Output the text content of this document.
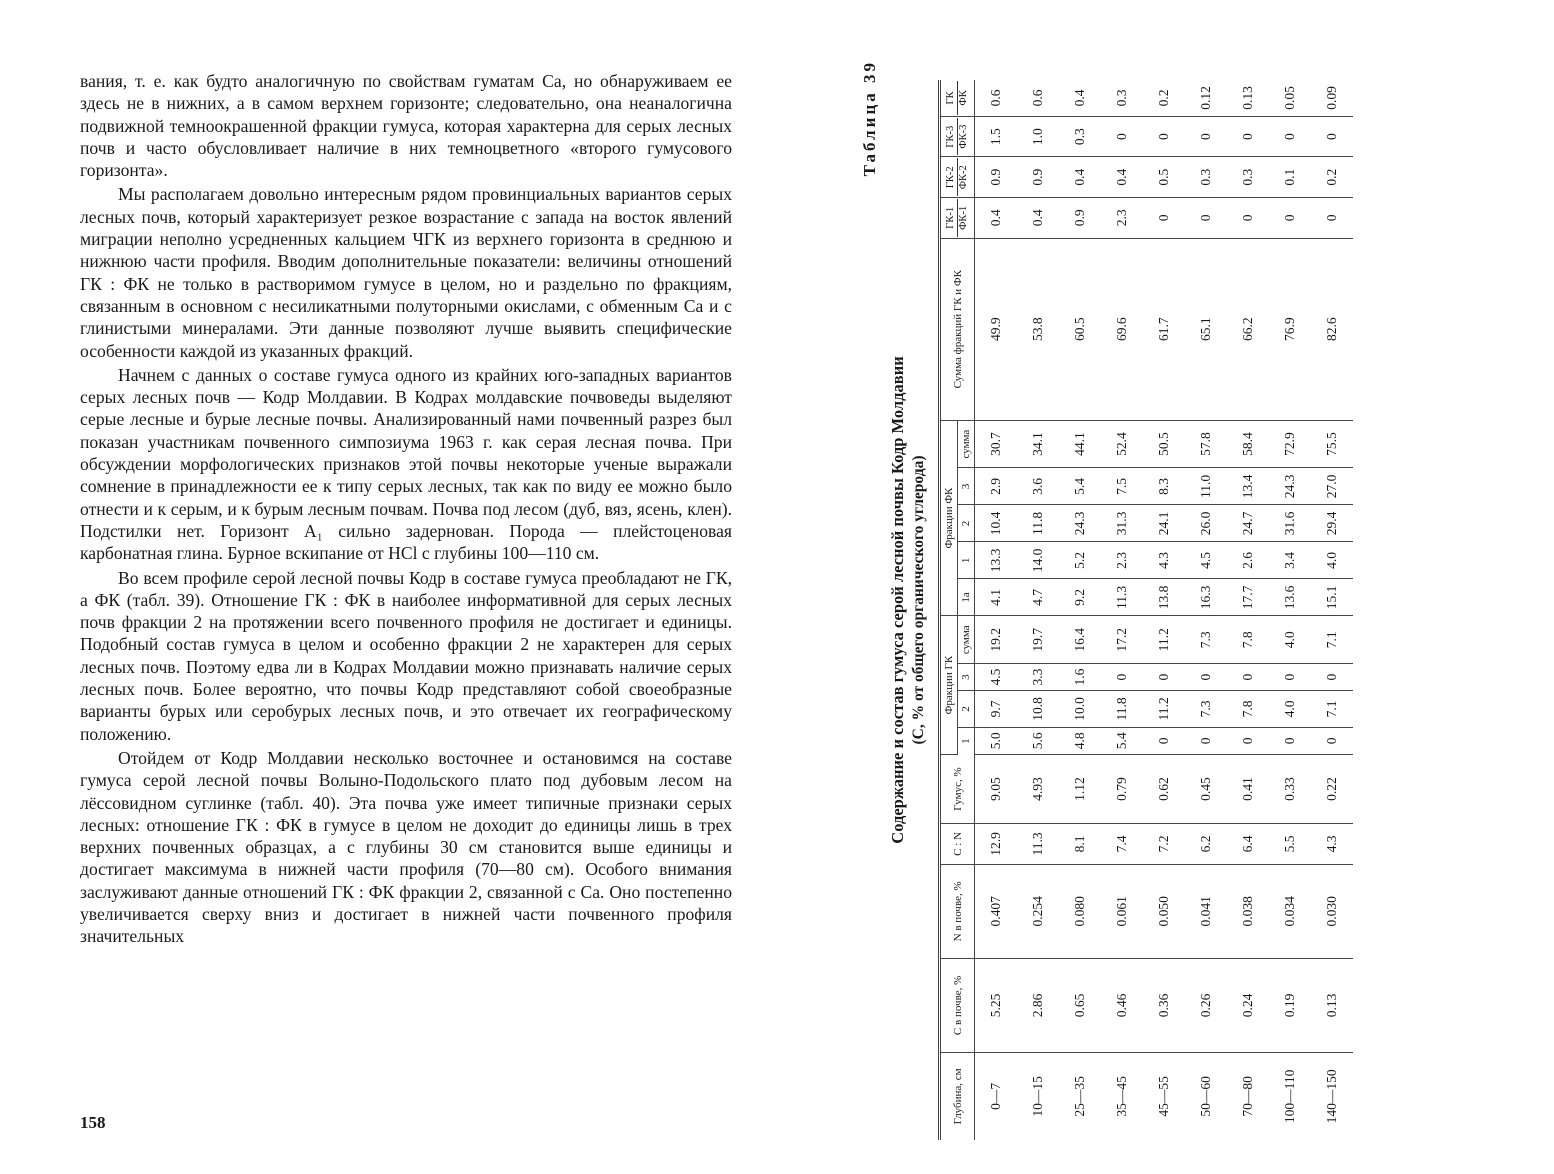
вания, т. е. как будто аналогичную по свойствам гуматам Са, но обнаруживаем ее здесь не в нижних, а в самом верхнем горизонте; следовательно, она неаналогична подвижной темноокрашенной фракции гумуса, которая характерна для серых лесных почв и часто обусловливает наличие в них темноцветного «второго гумусового горизонта».

Мы располагаем довольно интересным рядом провинциальных вариантов серых лесных почв, который характеризует резкое возрастание с запада на восток явлений миграции неполно усредненных кальцием ЧГК из верхнего горизонта в среднюю и нижнюю части профиля. Вводим дополнительные показатели: величины отношений ГК : ФК не только в растворимом гумусе в целом, но и раздельно по фракциям, связанным в основном с несиликатными полуторными окислами, с обменным Са и с глинистыми минералами. Эти данные позволяют лучше выявить специфические особенности каждой из указанных фракций.

Начнем с данных о составе гумуса одного из крайних юго-западных вариантов серых лесных почв — Кодр Молдавии. В Кодрах молдавские почвоведы выделяют серые лесные и бурые лесные почвы. Анализированный нами почвенный разрез был показан участникам почвенного симпозиума 1963 г. как серая лесная почва. При обсуждении морфологических признаков этой почвы некоторые ученые выражали сомнение в принадлежности ее к типу серых лесных, так как по виду ее можно было отнести и к серым, и к бурым лесным почвам. Почва под лесом (дуб, вяз, ясень, клен). Подстилки нет. Горизонт A₁ сильно задернован. Порода — плейстоценовая карбонатная глина. Бурное вскипание от HCl с глубины 100—110 см.

Во всем профиле серой лесной почвы Кодр в составе гумуса преобладают не ГК, а ФК (табл. 39). Отношение ГК : ФК в наиболее информативной для серых лесных почв фракции 2 на протяжении всего почвенного профиля не достигает и единицы. Подобный состав гумуса в целом и особенно фракции 2 не характерен для серых лесных почв. Поэтому едва ли в Кодрах Молдавии можно признавать наличие серых лесных почв. Более вероятно, что почвы Кодр представляют собой своеобразные варианты бурых или серобурых лесных почв, и это отвечает их географическому положению.

Отойдем от Кодр Молдавии несколько восточнее и остановимся на составе гумуса серой лесной почвы Волыно-Подольского плато под дубовым лесом на лёссовидном суглинке (табл. 40). Эта почва уже имеет типичные признаки серых лесных: отношение ГК : ФК в гумусе в целом не доходит до единицы лишь в трех верхних почвенных образцах, а с глубины 30 см становится выше единицы и достигает максимума в нижней части профиля (70—80 см). Особого внимания заслуживают данные отношений ГК : ФК фракции 2, связанной с Са. Оно постепенно увеличивается сверху вниз и достигает в нижней части почвенного профиля значительных

158

Таблица 39

Содержание и состав гумуса серой лесной почвы Кодр Молдавии (С, % от общего органического углерода)

Глубина, см	С в почве, %	N в почве, %	C : N	Гумус, %	Фракции ГК				Фракции ФК					Сумма фракций ГК и ФК	ГК-1 ФК-1	ГК-2 ФК-2	ГК-3 ФК-3	ГК ФК
					1	2	3	сумма	1а	1	2	3	сумма					
0—7	5.25	0.407	12.9	9.05	5.0	9.7	4.5	19.2	4.1	13.3	10.4	2.9	30.7	49.9	0.4	0.9	1.5	0.6
10—15	2.86	0.254	11.3	4.93	5.6	10.8	3.3	19.7	4.7	14.0	11.8	3.6	34.1	53.8	0.4	0.9	1.0	0.6
25—35	0.65	0.080	8.1	1.12	4.8	10.0	1.6	16.4	9.2	5.2	24.3	5.4	44.1	60.5	0.9	0.4	0.3	0.4
35—45	0.46	0.061	7.4	0.79	5.4	11.8	0	17.2	11.3	2.3	31.3	7.5	52.4	69.6	2.3	0.4	0	0.3
45—55	0.36	0.050	7.2	0.62	0	11.2	0	11.2	13.8	4.3	24.1	8.3	50.5	61.7	0	0.5	0	0.2
50—60	0.26	0.041	6.2	0.45	0	7.3	0	7.3	16.3	4.5	26.0	11.0	57.8	65.1	0	0.3	0	0.12
70—80	0.24	0.038	6.4	0.41	0	7.8	0	7.8	17.7	2.6	24.7	13.4	58.4	66.2	0	0.3	0	0.13
100—110	0.19	0.034	5.5	0.33	0	4.0	0	4.0	13.6	3.4	31.6	24.3	72.9	76.9	0	0.1	0	0.05
140—150	0.13	0.030	4.3	0.22	0	7.1	0	7.1	15.1	4.0	29.4	27.0	75.5	82.6	0	0.2	0	0.09
